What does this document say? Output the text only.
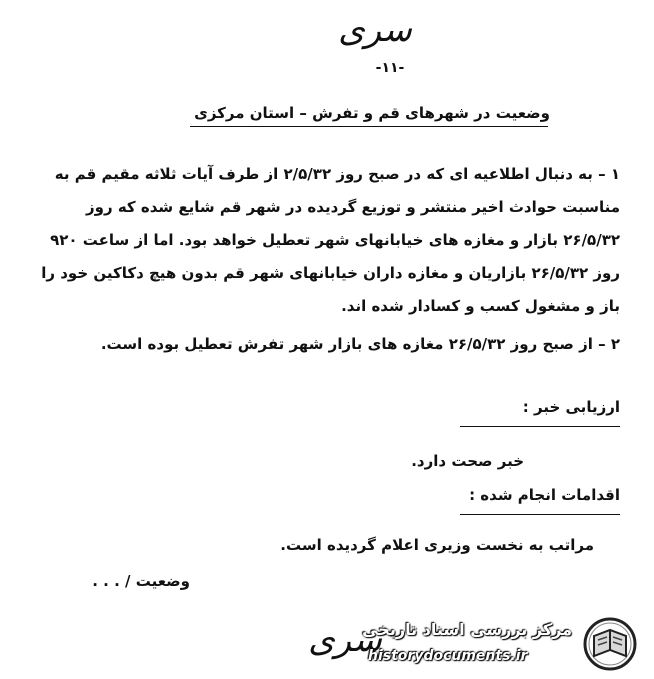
سری
-۱۱-
وضعیت در شهرهای قم و تفرش – استان مرکزی
۱ – به دنبال اطلاعیه ای که در صبح روز ۲/۵/۳۲ از طرف آیات ثلاثه مقیم قم به مناسبت حوادث اخیر منتشر و توزیع گردیده در شهر قم شایع شده که روز ۲۶/۵/۳۲ بازار و مغازه های خیابانهای شهر تعطیل خواهد بود. اما از ساعت ۹۲۰ روز ۲۶/۵/۳۲ بازاریان و مغازه داران خیابانهای شهر قم بدون هیچ دکاکین خود را باز و مشغول کسب و کسادار شده اند.
۲ – از صبح روز ۲۶/۵/۳۲ مغازه های بازار شهر تفرش تعطیل بوده است.
ارزیابی خبر :
خبر صحت دارد.
اقدامات انجام شده :
مراتب به نخست وزیری اعلام گردیده است.
وضعیت / . . .
سری
مرکز بررسی اسناد تاریخی
historydocuments.ir
